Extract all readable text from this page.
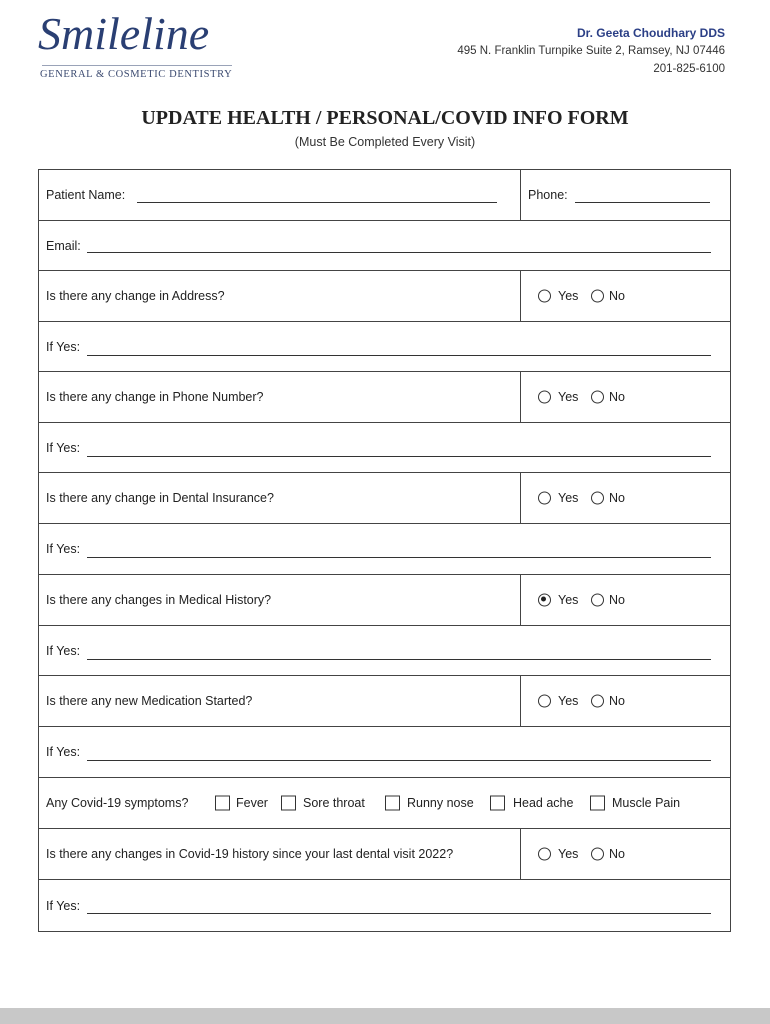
Smileline
GENERAL & COSMETIC DENTISTRY
Dr. Geeta Choudhary DDS
495 N. Franklin Turnpike Suite 2, Ramsey, NJ 07446
201-825-6100
UPDATE HEALTH / PERSONAL/COVID INFO FORM
(Must Be Completed Every Visit)
Patient Name:	Phone:
Email:
Is there any change in Address?	Yes No
If Yes:
Is there any change in Phone Number?	Yes No
If Yes:
Is there any change in Dental Insurance?	Yes No
If Yes:
Is there any changes in Medical History?	Yes No
If Yes:
Is there any new Medication Started?	Yes No
If Yes:
Any Covid-19 symptoms?	Fever	Sore throat	Runny nose	Head ache	Muscle Pain
Is there any changes in Covid-19 history since your last dental visit 2022?	Yes No
If Yes:
